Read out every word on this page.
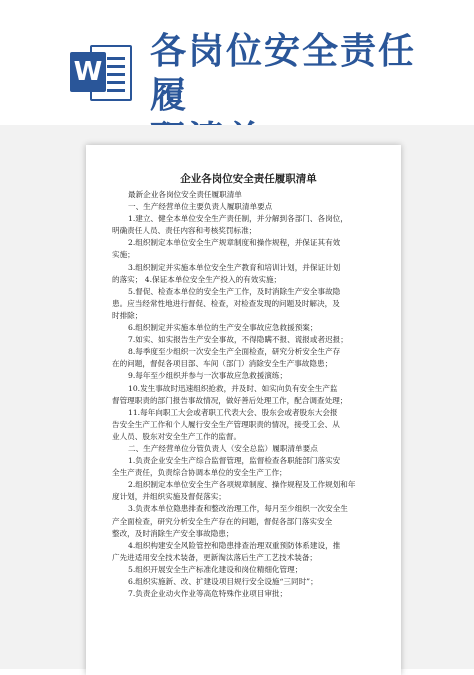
W 各岗位安全责任履
企业各岗位安全责任履职清单

最新企业各岗位安全责任履职清单

一、生产经营单位主要负责人履职清单要点

1.建立、健全本单位安全生产责任制，并分解到各部门、各岗位，

明确责任人员、责任内容和考核奖罚标准；

2.组织制定本单位安全生产规章制度和操作规程，并保证其有效

实施；

3.组织制定并实施本单位安全生产教育和培训计划，并保证计划

的落实； 4.保证本单位安全生产投入的有效实施；

5.督促、检查本单位的安全生产工作，及时消除生产安全事故隐

患。应当经常性地进行督促、检查，对检查发现的问题及时解决，及

时排除；

6.组织制定并实施本单位的生产安全事故应急救援预案；

7.如实、如实报告生产安全事故，不得隐瞒不报、谎报或者迟报；

8.每季度至少组织一次安全生产全面检查，研究分析安全生产存

在的问题，督促各项目部、车间（部门）消除安全生产事故隐患；

9.每年至少组织并参与一次事故应急救援演练；

10.发生事故时迅速组织抢救，并及时、如实向负有安全生产监

督管理职责的部门报告事故情况，做好善后处理工作，配合调查处理；

11.每年向职工大会或者职工代表大会、股东会或者股东大会报

告安全生产工作和个人履行安全生产管理职责的情况，接受工会、从

业人员、股东对安全生产工作的监督。

二、生产经营单位分管负责人（安全总监）履职清单要点

1.负责企业安全生产综合监督管理，监督检查各职能部门落实安

全生产责任，负责综合协调本单位的安全生产工作；

2.组织制定本单位安全生产各项规章制度、操作规程及工作规划和年

度计划，并组织实施及督促落实；

3.负责本单位隐患排查和整改治理工作，每月至少组织一次安全生

产全面检查，研究分析安全生产存在的问题，督促各部门落实安全

整改，及时消除生产安全事故隐患；

4.组织构建安全风险管控和隐患排查治理双重预防体系建设，推

广先进适用安全技术装备，更新淘汰落后生产工艺技术装备；

5.组织开展安全生产标准化建设和岗位精细化管理；

6.组织实施新、改、扩建设项目规行安全设施“三同时”；

7.负责企业动火作业等高危特殊作业项目审批；
